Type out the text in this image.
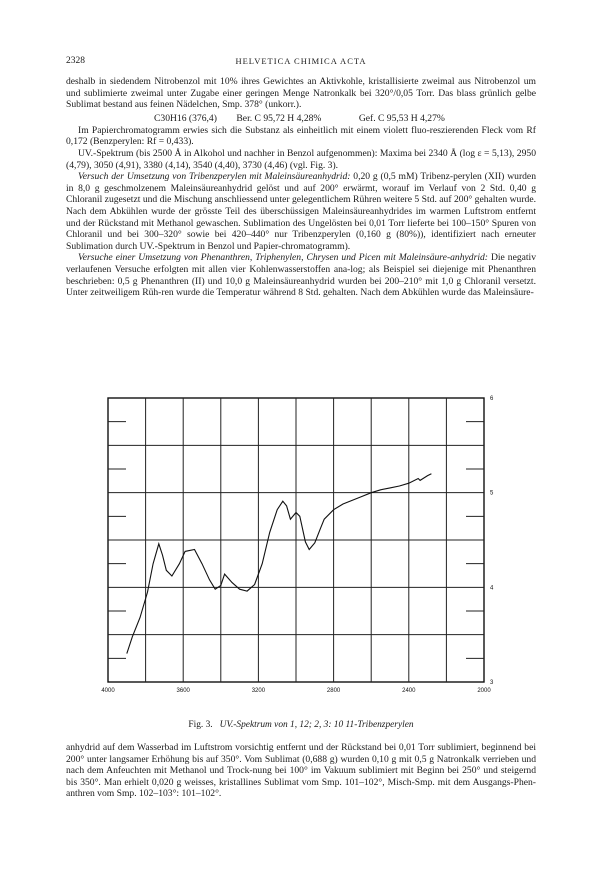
2328	HELVETICA CHIMICA ACTA

deshalb in siedendem Nitrobenzol mit 10% ihres Gewichtes an Aktivkohle, kristallisierte zweimal aus Nitrobenzol um und sublimierte zweimal unter Zugabe einer geringen Menge Natronkalk bei 320°/0,05 Torr. Das blass grünlich gelbe Sublimat bestand aus feinen Nädelchen, Smp. 378° (unkorr.).

C30H16 (376,4) Ber. C 95,72 H 4,28%	Gef. C 95,53 H 4,27%

Im Papierchromatogramm erwies sich die Substanz als einheitlich mit einem violett fluo-reszierenden Fleck vom Rf 0,172 (Benzperylen: Rf = 0,433).

UV.-Spektrum (bis 2500 Å in Alkohol und nachher in Benzol aufgenommen): Maxima bei 2340 Å (log ε = 5,13), 2950 (4,79), 3050 (4,91), 3380 (4,14), 3540 (4,40), 3730 (4,46) (vgl. Fig. 3).

Versuch der Umsetzung von Tribenzperylen mit Maleinsäureanhydrid: 0,20 g (0,5 mM) Tribenz-perylen (XII) wurden in 8,0 g geschmolzenem Maleinsäureanhydrid gelöst und auf 200° erwärmt, worauf im Verlauf von 2 Std. 0,40 g Chloranil zugesetzt und die Mischung anschliessend unter gelegentlichem Rühren weitere 5 Std. auf 200° gehalten wurde. Nach dem Abkühlen wurde der grösste Teil des überschüssigen Maleinsäureanhydrides im warmen Luftstrom entfernt und der Rückstand mit Methanol gewaschen. Sublimation des Ungelösten bei 0,01 Torr lieferte bei 100–150° Spuren von Chloranil und bei 300–320° sowie bei 420–440° nur Tribenzperylen (0,160 g (80%)), identifiziert nach erneuter Sublimation durch UV.-Spektrum in Benzol und Papier-chromatogramm).

Versuche einer Umsetzung von Phenanthren, Triphenylen, Chrysen und Picen mit Maleinsäure-anhydrid: Die negativ verlaufenen Versuche erfolgten mit allen vier Kohlenwasserstoffen ana-log; als Beispiel sei diejenige mit Phenanthren beschrieben: 0,5 g Phenanthren (II) und 10,0 g Maleinsäureanhydrid wurden bei 200–210° mit 1,0 g Chloranil versetzt. Unter zeitweiligem Rüh-ren wurde die Temperatur während 8 Std. gehalten. Nach dem Abkühlen wurde das Maleinsäure-

4000	3600	3200	2800	2400	2000
6
5
4
3
Fig. 3. UV.-Spektrum von 1, 12; 2, 3: 10 11-Tribenzperylen

anhydrid auf dem Wasserbad im Luftstrom vorsichtig entfernt und der Rückstand bei 0,01 Torr sublimiert, beginnend bei 200° unter langsamer Erhöhung bis auf 350°. Vom Sublimat (0,688 g) wurden 0,10 g mit 0,5 g Natronkalk verrieben und nach dem Anfeuchten mit Methanol und Trock-nung bei 100° im Vakuum sublimiert mit Beginn bei 250° und steigernd bis 350°. Man erhielt 0,020 g weisses, kristallines Sublimat vom Smp. 101–102°, Misch-Smp. mit dem Ausgangs-Phen-anthren vom Smp. 102–103°: 101–102°.
